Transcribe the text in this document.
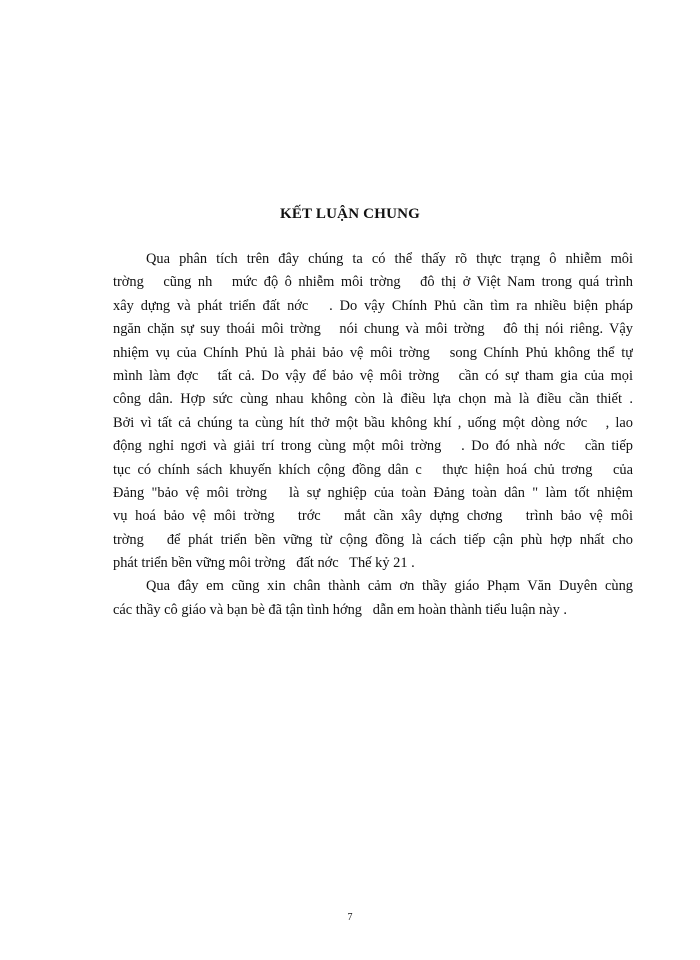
KẾT LUẬN CHUNG
Qua phân tích trên đây chúng ta có thể thấy rõ thực trạng ô nhiễm môi
trờng   cũng nh   mức độ ô nhiễm môi trờng   đô thị ở Việt Nam trong quá trình
xây dựng và phát triển đất nớc   . Do vậy Chính Phủ cần tìm ra nhiều biện pháp
ngăn chặn sự suy thoái môi trờng   nói chung và môi trờng   đô thị nói riêng. Vậy
nhiệm vụ của Chính Phủ là phải bảo vệ môi trờng   song Chính Phủ không thể tự
mình làm đợc   tất cả. Do vậy để bảo vệ môi trờng   cần có sự tham gia của mọi
công dân. Hợp sức cùng nhau không còn là điều lựa chọn mà là điều cần thiết .
Bởi vì tất cả chúng ta cùng hít thở một bầu không khí , uống một dòng nớc   , lao
động nghỉ ngơi và giải trí trong cùng một môi trờng   . Do đó nhà nớc   cần tiếp
tục có chính sách khuyến khích cộng đồng dân c   thực hiện hoá chủ trơng   của
Đảng "bảo vệ môi trờng   là sự nghiệp của toàn Đảng toàn dân " làm tốt nhiệm
vụ hoá bảo vệ môi trờng   trớc   mắt cần xây dựng chơng   trình bảo vệ môi
trờng   để phát triển bền vững từ cộng đồng là cách tiếp cận phù hợp nhất cho
phát triển bền vững môi trờng   đất nớc   Thế kỷ 21 .
Qua đây em cũng xin chân thành cảm ơn thầy giáo Phạm Văn Duyên cùng
các thầy cô giáo và bạn bè đã tận tình hớng   dẫn em hoàn thành tiểu luận này .
7
